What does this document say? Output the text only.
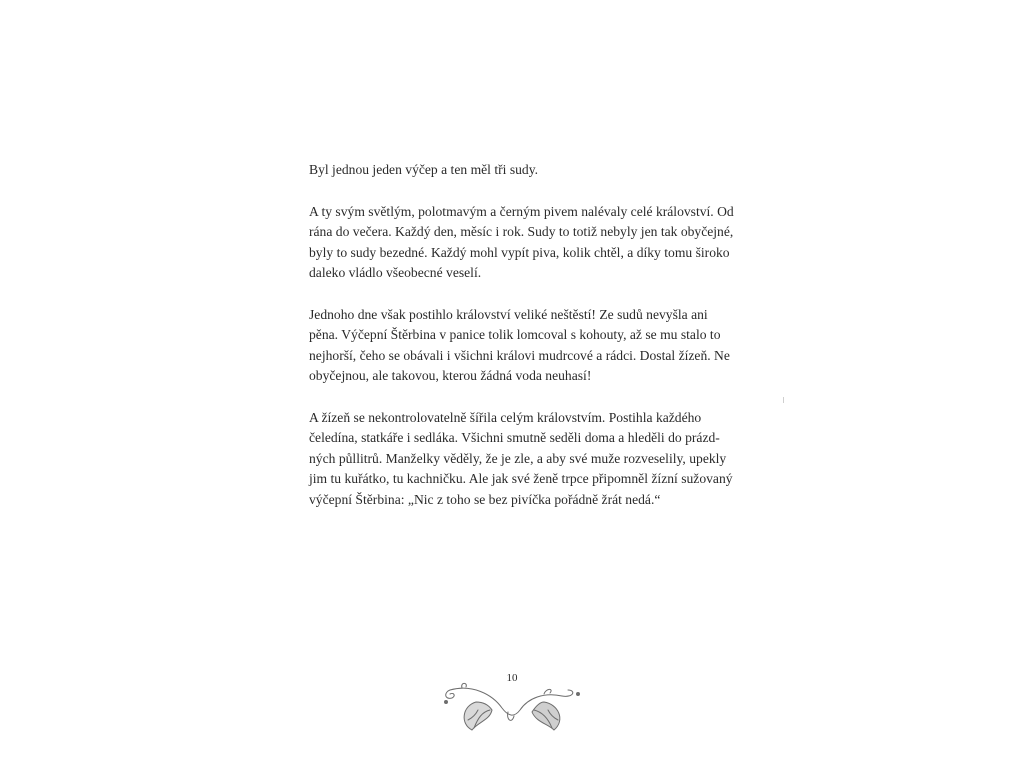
Byl jednou jeden výčep a ten měl tři sudy.

A ty svým světlým, polotmavým a černým pivem nalévaly celé království. Od
rána do večera. Každý den, měsíc i rok. Sudy to totiž nebyly jen tak obyčejné,
byly to sudy bezedné. Každý mohl vypít piva, kolik chtěl, a díky tomu široko
daleko vládlo všeobecné veselí.

Jednoho dne však postihlo království veliké neštěstí! Ze sudů nevyšla ani
pěna. Výčepní Štěrbina v panice tolik lomcoval s kohouty, až se mu stalo to
nejhorší, čeho se obávali i všichni královi mudrcové a rádci. Dostal žízeň. Ne
obyčejnou, ale takovou, kterou žádná voda neuhasí!

A žízeň se nekontrolovatelně šířila celým královstvím. Postihla každého
čeledína, statkáře i sedláka. Všichni smutně seděli doma a hleděli do prázd-
ných půllitrů. Manželky věděly, že je zle, a aby své muže rozveselily, upekly
jim tu kuřátko, tu kachničku. Ale jak své ženě trpce připomněl žízní sužovaný
výčepní Štěrbina: „Nic z toho se bez pivíčka pořádně žrát nedá.“

10
